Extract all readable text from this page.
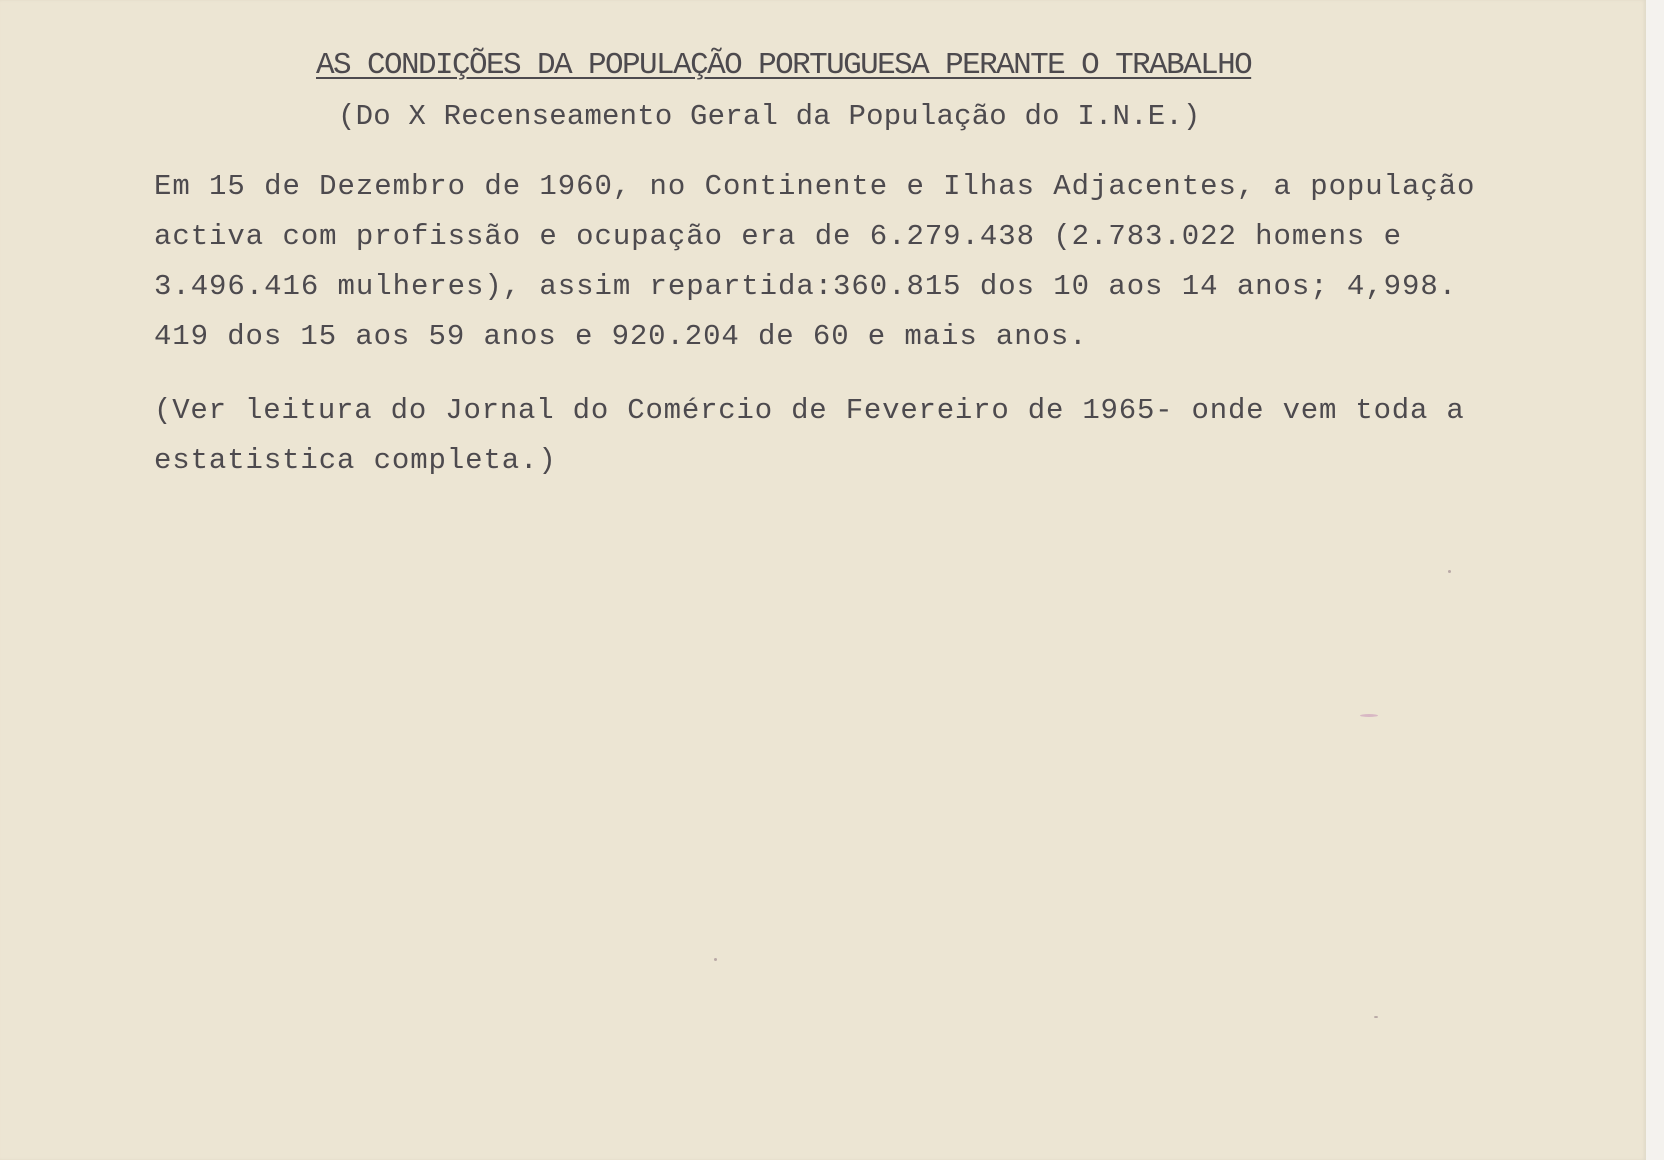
AS CONDIÇÕES DA POPULAÇÃO PORTUGUESA PERANTE O TRABALHO

(Do X Recenseamento Geral da População do I.N.E.)

Em 15 de Dezembro de 1960, no Continente e Ilhas Adjacentes, a população

activa com profissão e ocupação era de 6.279.438 (2.783.022 homens e

3.496.416 mulheres), assim repartida:360.815 dos 10 aos 14 anos; 4,998.

419 dos 15 aos 59 anos e 920.204 de 60 e mais anos.

(Ver leitura do Jornal do Comércio de Fevereiro de 1965- onde vem toda a

estatistica completa.)
